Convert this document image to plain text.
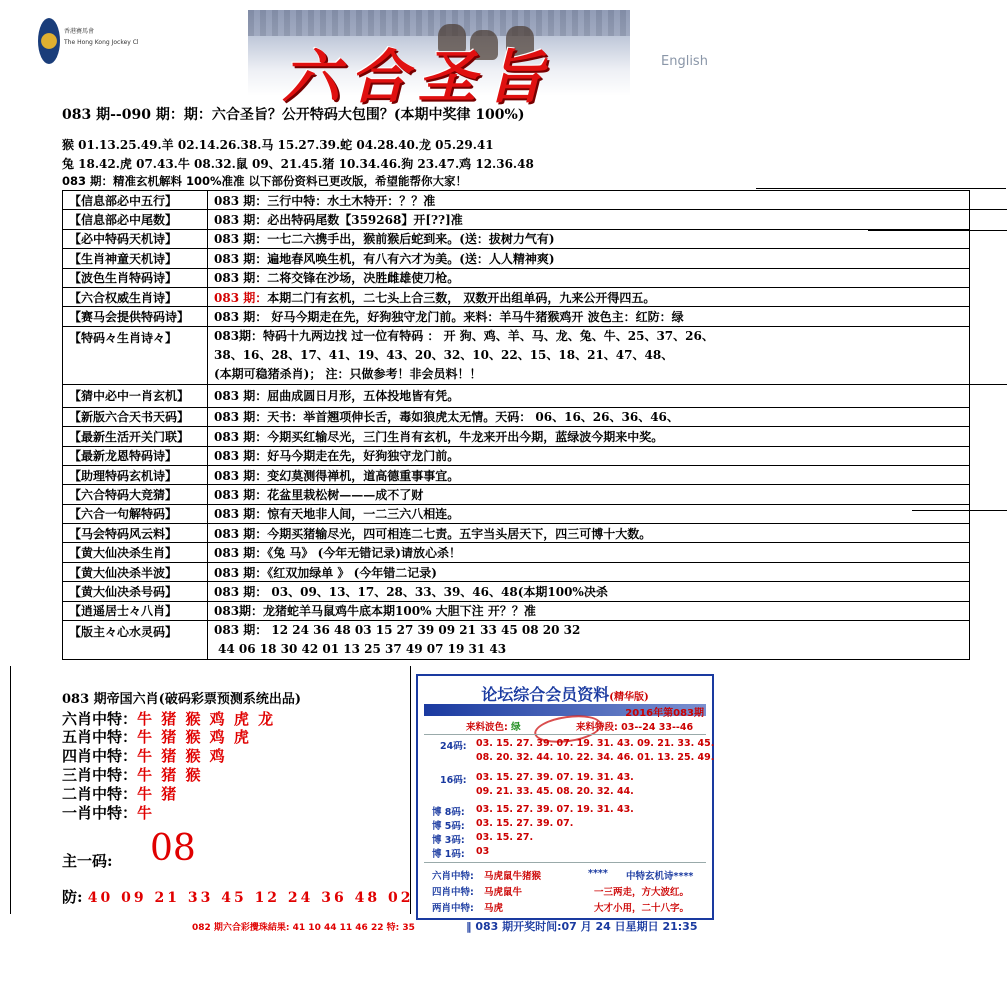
香港賽馬會
The Hong Kong Jockey Cl
六合圣旨	English
083 期--090 期：期：六合圣旨？公开特码大包围？(本期中奖律 100%)
猴 01.13.25.49.羊 02.14.26.38.马 15.27.39.蛇 04.28.40.龙 05.29.41
兔 18.42.虎 07.43.牛 08.32.鼠 09、21.45.猪 10.34.46.狗 23.47.鸡 12.36.48
083 期：精准玄机解料 100%准准 以下部份资料已更改版，希望能帮你大家！
【信息部必中五行】	083 期：三行中特：水土木特开：？？准
【信息部必中尾数】	083 期：必出特码尾数【359268】开[??]准
【必中特码天机诗】	083 期：一七二六携手出，猴前猴后蛇到来。(送：拔树力气有)
【生肖神童天机诗】	083 期：遍地春风唤生机，有八有六才为美。(送：人人精神爽)
【波色生肖特码诗】	083 期：二将交锋在沙场，决胜雌雄使刀枪。
【六合权威生肖诗】	083 期：本期二门有玄机，二七头上合三数， 双数开出组单码，九来公开得四五。
【赛马会提供特码诗】	083 期： 好马今期走在先，好狗独守龙门前。来料：羊马牛猪猴鸡开 波色主：红防：绿
【特码々生肖诗々】	083期：特码十九两边找 过一位有特码 ： 开 狗、鸡、羊、马、龙、兔、牛、25、37、26、
38、16、28、17、41、19、43、20、32、10、22、15、18、21、47、48、
(本期可稳猪杀肖)； 注：只做参考！非会员料！！

【猜中必中一肖玄机】	083 期：屈曲成圆日月形，五体投地皆有凭。
【新版六合天书天码】	083 期：天书：举首翘项伸长舌，毒如狼虎太无情。天码： 06、16、26、36、46、
【最新生活开关门联】	083 期：今期买红输尽光，三门生肖有玄机，牛龙来开出今期，蓝绿波今期来中奖。
【最新龙恩特码诗】	083 期：好马今期走在先，好狗独守龙门前。
【助理特码玄机诗】	083 期：变幻莫测得禅机，道高德重事事宜。
【六合特码大竞猜】	083 期：花盆里栽松树———成不了财
【六合一句解特码】	083 期：惊有天地非人间，一二三六八相连。
【马会特码风云料】	083 期：今期买猪输尽光，四可相连二七责。五宇当头居天下，四三可博十大数。
【黄大仙决杀生肖】	083 期：《兔 马》 (今年无错记录)请放心杀！
【黄大仙决杀半波】	083 期：《红双加绿单 》 (今年错二记录)
【黄大仙决杀号码】	083 期： 03、09、13、17、28、33、39、46、48(本期100%决杀
【逍遥居士々八肖】	083期：龙猪蛇羊马鼠鸡牛底本期100% 大胆下注 开？？准
【版主々心水灵码】	083 期： 12 24 36 48 03 15 27 39 09 21 33 45 08 20 32
44 06 18 30 42 01 13 25 37 49 07 19 31 43
083 期帝国六肖(破码彩票预测系统出品)
六肖中特：牛 猪 猴 鸡 虎 龙
五肖中特：牛 猪 猴 鸡 虎
四肖中特：牛 猪 猴 鸡
三肖中特：牛 猪 猴
二肖中特：牛 猪
一肖中特：牛
主一码: 08
防: 40 09 21 33 45 12 24 36 48 02
082 期六合彩攪珠結果: 41 10 44 11 46 22 特: 35	‖ 083 期开奖时间:07 月 24 日星期日 21:35
论坛综合会员资料(精华版)
2016年第083期
来料波色: 绿	来料特段: 03--24 33--46
24码: 03. 15. 27. 39. 07. 19. 31. 43. 09. 21. 33. 45.
08. 20. 32. 44. 10. 22. 34. 46. 01. 13. 25. 49.
16码: 03. 15. 27. 39. 07. 19. 31. 43.
09. 21. 33. 45. 08. 20. 32. 44.
博 8码: 03. 15. 27. 39. 07. 19. 31. 43.
博 5码: 03. 15. 27. 39. 07.
博 3码: 03. 15. 27.
博 1码: 03
六肖中特: 马虎鼠牛猪猴
四肖中特: 马虎鼠牛
两肖中特: 马虎
**** 中特玄机诗****
一三两走，方大波红。
大才小用，二十八字。
